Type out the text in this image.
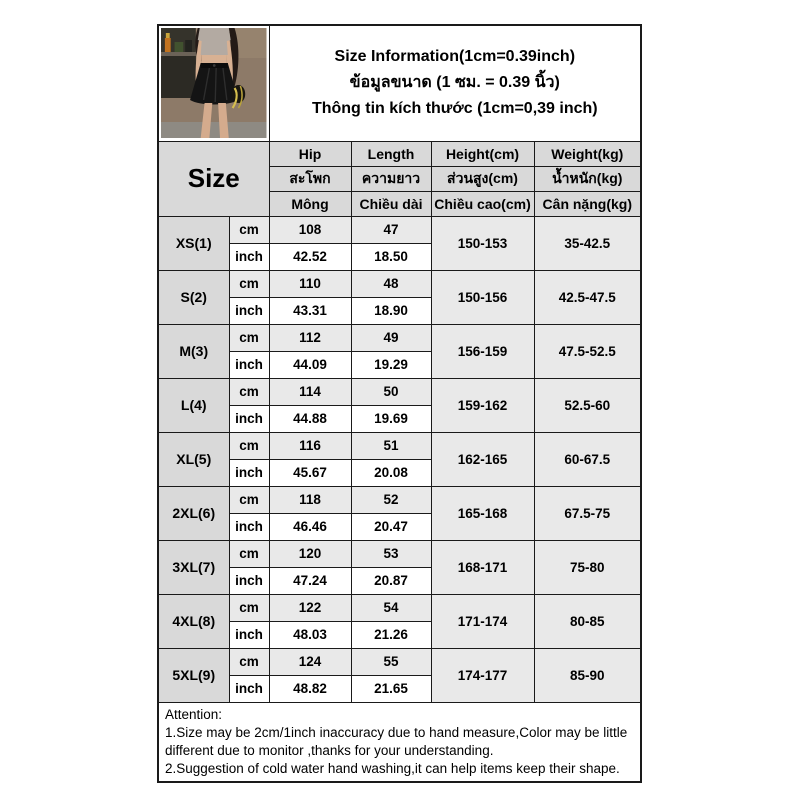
Size Information(1cm=0.39inch)
ข้อมูลขนาด (1 ซม. = 0.39 นิ้ว)
Thông tin kích thước (1cm=0,39 inch)			

Size		Hip	Length	Height(cm)	Weight(kg)
		สะโพก	ความยาว	ส่วนสูง(cm)	น้ำหนัก(kg)
		Mông	Chiều dài	Chiều cao(cm)	Cân nặng(kg)
XS(1)	cm	108	47	150-153	35-42.5
	inch	42.52	18.50		
S(2)	cm	110	48	150-156	42.5-47.5
	inch	43.31	18.90		
M(3)	cm	112	49	156-159	47.5-52.5
	inch	44.09	19.29		
L(4)	cm	114	50	159-162	52.5-60
	inch	44.88	19.69		
XL(5)	cm	116	51	162-165	60-67.5
	inch	45.67	20.08		
2XL(6)	cm	118	52	165-168	67.5-75
	inch	46.46	20.47		
3XL(7)	cm	120	53	168-171	75-80
	inch	47.24	20.87		
4XL(8)	cm	122	54	171-174	80-85
	inch	48.03	21.26		
5XL(9)	cm	124	55	174-177	85-90
	inch	48.82	21.65		

Attention:
1.Size may be 2cm/1inch inaccuracy due to hand measure,Color may be little different due to monitor ,thanks for your understanding.
2.Suggestion of cold water hand washing,it can help items keep their shape.					
